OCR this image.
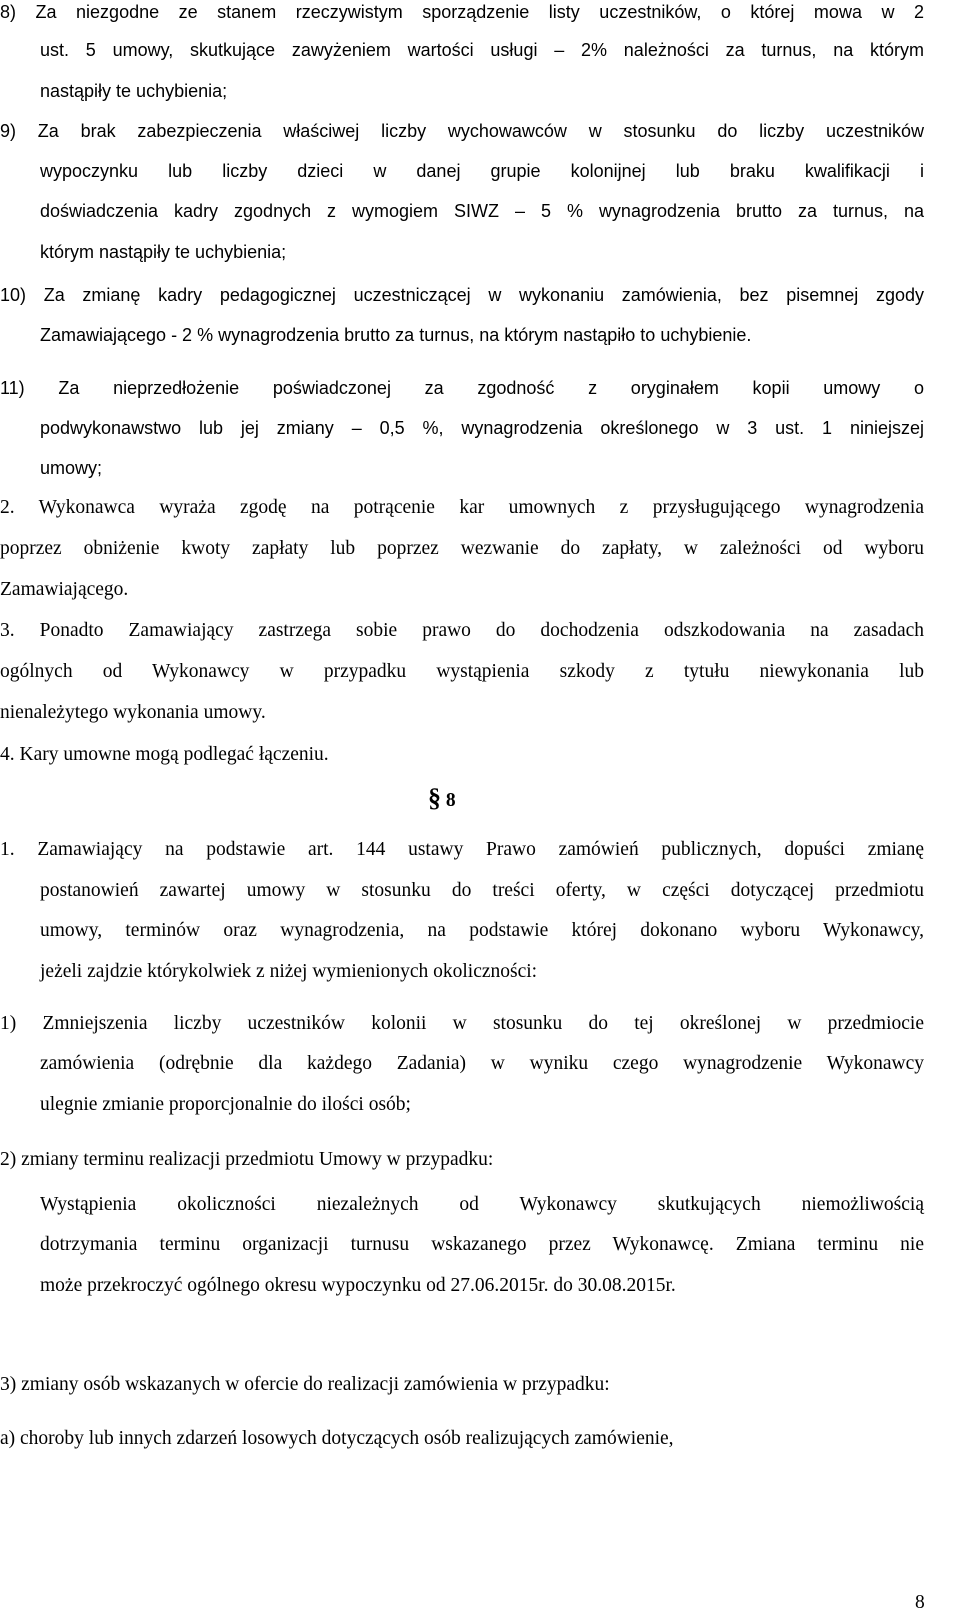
8) Za niezgodne ze stanem rzeczywistym sporządzenie listy uczestników, o której mowa w 2
ust. 5 umowy, skutkujące zawyżeniem wartości usługi – 2% należności za turnus, na którym
nastąpiły te uchybienia;
9) Za brak zabezpieczenia właściwej liczby wychowawców w stosunku do liczby uczestników
wypoczynku lub liczby dzieci w danej grupie kolonijnej lub braku kwalifikacji i
doświadczenia kadry zgodnych z wymogiem SIWZ – 5 % wynagrodzenia brutto za turnus, na
którym nastąpiły te uchybienia;
10) Za zmianę kadry pedagogicznej uczestniczącej w wykonaniu zamówienia, bez pisemnej zgody
Zamawiającego - 2 % wynagrodzenia brutto za turnus, na którym nastąpiło to uchybienie.
11) Za nieprzedłożenie poświadczonej za zgodność z oryginałem kopii umowy o
podwykonawstwo lub jej zmiany – 0,5 %, wynagrodzenia określonego w 3 ust. 1 niniejszej
umowy;
2. Wykonawca wyraża zgodę na potrącenie kar umownych z przysługującego wynagrodzenia
poprzez obniżenie kwoty zapłaty lub poprzez wezwanie do zapłaty, w zależności od wyboru
Zamawiającego.
3. Ponadto Zamawiający zastrzega sobie prawo do dochodzenia odszkodowania na zasadach
ogólnych od Wykonawcy w przypadku wystąpienia szkody z tytułu niewykonania lub
nienależytego wykonania umowy.
4. Kary umowne mogą podlegać łączeniu.
§ 8
1. Zamawiający na podstawie art. 144 ustawy Prawo zamówień publicznych, dopuści zmianę
postanowień zawartej umowy w stosunku do treści oferty, w części dotyczącej przedmiotu
umowy, terminów oraz wynagrodzenia, na podstawie której dokonano wyboru Wykonawcy,
jeżeli zajdzie którykolwiek z niżej wymienionych okoliczności:
1) Zmniejszenia liczby uczestników kolonii w stosunku do tej określonej w przedmiocie
zamówienia (odrębnie dla każdego Zadania) w wyniku czego wynagrodzenie Wykonawcy
ulegnie zmianie proporcjonalnie do ilości osób;
2) zmiany terminu realizacji przedmiotu Umowy w przypadku:
Wystąpienia okoliczności niezależnych od Wykonawcy skutkujących niemożliwością
dotrzymania terminu organizacji turnusu wskazanego przez Wykonawcę. Zmiana terminu nie
może przekroczyć ogólnego okresu wypoczynku od 27.06.2015r. do 30.08.2015r.
3) zmiany osób wskazanych w ofercie do realizacji zamówienia w przypadku:
a) choroby lub innych zdarzeń losowych dotyczących osób realizujących zamówienie,
8
